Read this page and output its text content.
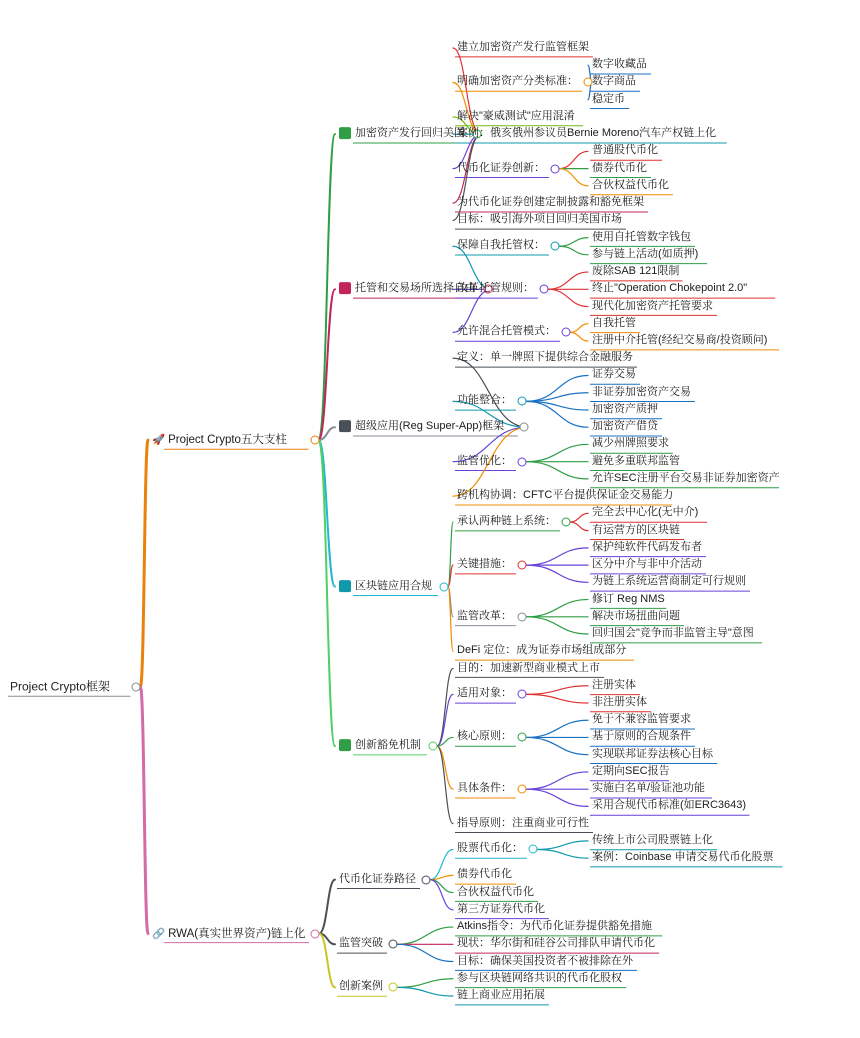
Project Crypto框架
🚀 Project Crypto五大支柱
加密资产发行回归美国
建立加密资产发行监管框架
明确加密资产分类标准：
数字收藏品
数字商品
稳定币
解决"豪威测试"应用混淆
案例：俄亥俄州参议员Bernie Moreno汽车产权链上化
代币化证券创新：
普通股代币化
债券代币化
合伙权益代币化
为代币化证券创建定制披露和豁免框架
目标：吸引海外项目回归美国市场
托管和交易场所选择自由
保障自我托管权：
使用自托管数字钱包
参与链上活动(如质押)
改革托管规则：
废除SAB 121限制
终止"Operation Chokepoint 2.0"
现代化加密资产托管要求
允许混合托管模式：
自我托管
注册中介托管(经纪交易商/投资顾问)
超级应用(Reg Super-App)框架
定义：单一牌照下提供综合金融服务
功能整合：
证券交易
非证券加密资产交易
加密资产质押
加密资产借贷
监管优化：
减少州牌照要求
避免多重联邦监管
允许SEC注册平台交易非证券加密资产
跨机构协调：CFTC平台提供保证金交易能力
区块链应用合规
承认两种链上系统：
完全去中心化(无中介)
有运营方的区块链
关键措施：
保护纯软件代码发布者
区分中介与非中介活动
为链上系统运营商制定可行规则
监管改革：
修订 Reg NMS
解决市场扭曲问题
回归国会"竞争而非监管主导"意图
DeFi 定位：成为证券市场组成部分
创新豁免机制
目的：加速新型商业模式上市
适用对象：
注册实体
非注册实体
核心原则：
免于不兼容监管要求
基于原则的合规条件
实现联邦证券法核心目标
具体条件：
定期向SEC报告
实施白名单/验证池功能
采用合规代币标准(如ERC3643)
指导原则：注重商业可行性
🔗 RWA(真实世界资产)链上化
代币化证券路径
股票代币化：
传统上市公司股票链上化
案例：Coinbase 申请交易代币化股票
债券代币化
合伙权益代币化
第三方证券代币化
监管突破
Atkins指令：为代币化证券提供豁免措施
现状：华尔街和硅谷公司排队申请代币化
目标：确保美国投资者不被排除在外
创新案例
参与区块链网络共识的代币化股权
链上商业应用拓展
